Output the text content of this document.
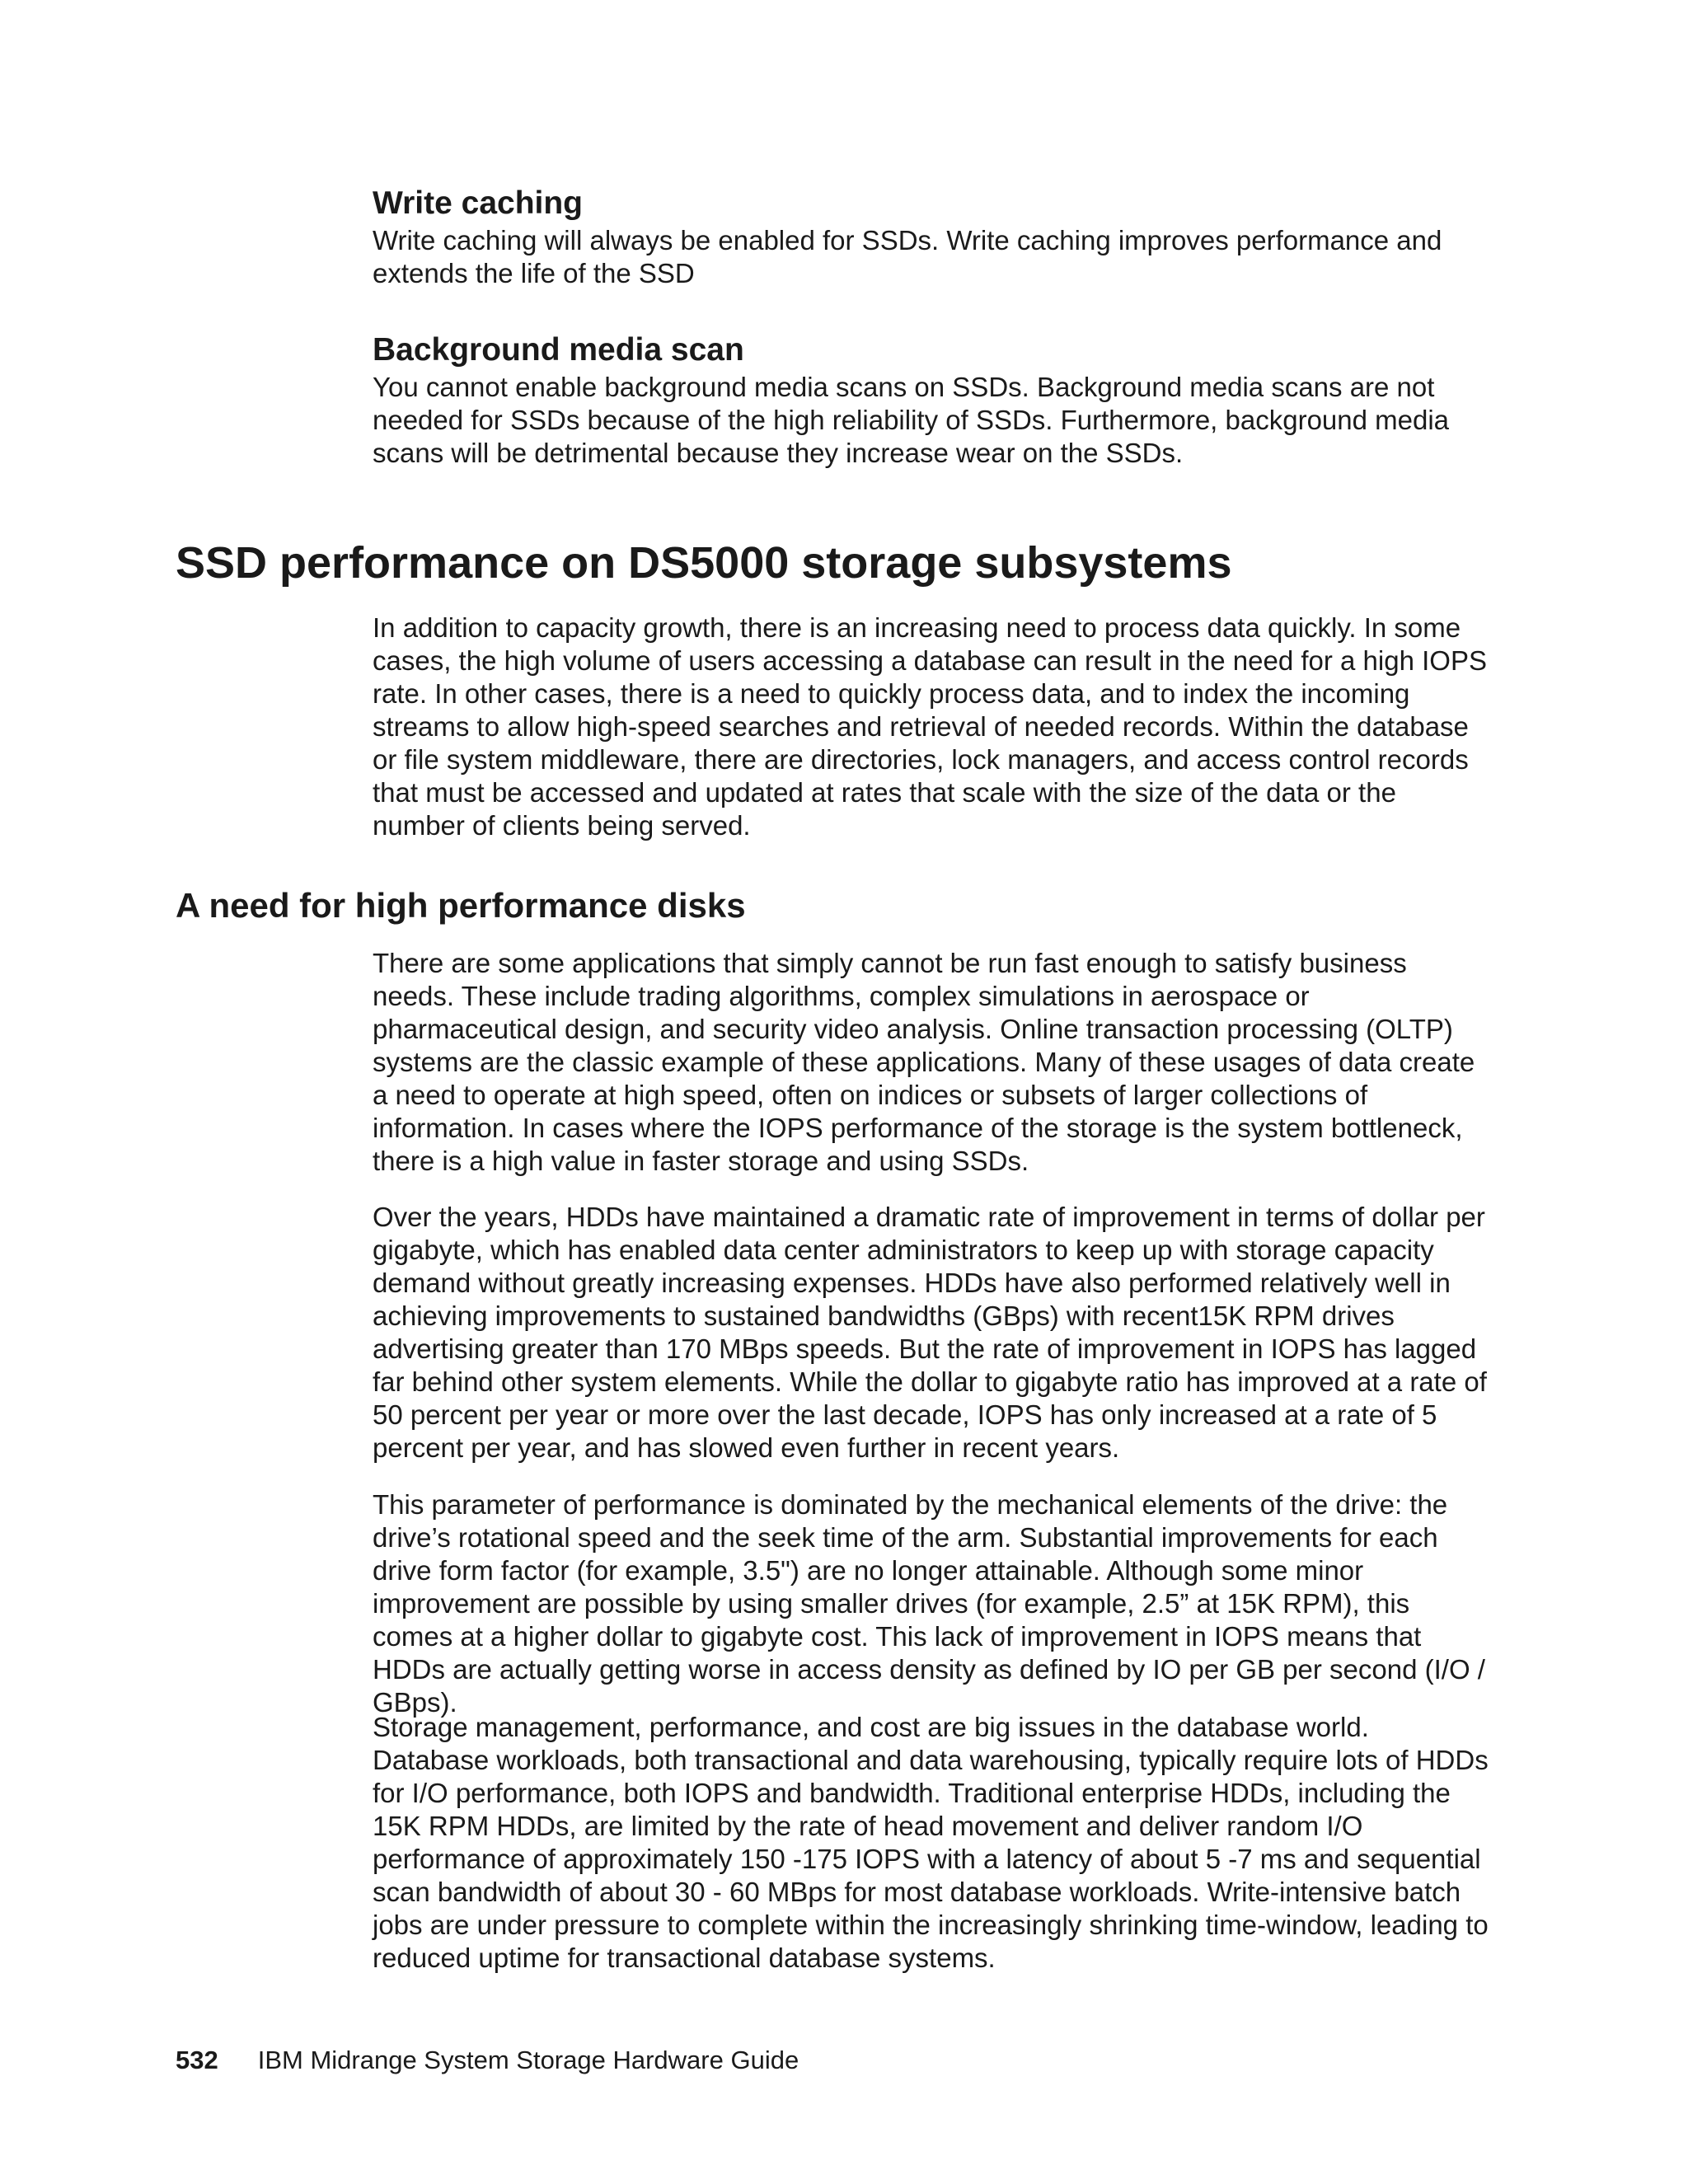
Write caching

Write caching will always be enabled for SSDs. Write caching improves performance and extends the life of the SSD

Background media scan

You cannot enable background media scans on SSDs. Background media scans are not needed for SSDs because of the high reliability of SSDs. Furthermore, background media scans will be detrimental because they increase wear on the SSDs.

SSD performance on DS5000 storage subsystems

In addition to capacity growth, there is an increasing need to process data quickly. In some cases, the high volume of users accessing a database can result in the need for a high IOPS rate. In other cases, there is a need to quickly process data, and to index the incoming streams to allow high-speed searches and retrieval of needed records. Within the database or file system middleware, there are directories, lock managers, and access control records that must be accessed and updated at rates that scale with the size of the data or the number of clients being served.

A need for high performance disks

There are some applications that simply cannot be run fast enough to satisfy business needs. These include trading algorithms, complex simulations in aerospace or pharmaceutical design, and security video analysis. Online transaction processing (OLTP) systems are the classic example of these applications. Many of these usages of data create a need to operate at high speed, often on indices or subsets of larger collections of information. In cases where the IOPS performance of the storage is the system bottleneck, there is a high value in faster storage and using SSDs.

Over the years, HDDs have maintained a dramatic rate of improvement in terms of dollar per gigabyte, which has enabled data center administrators to keep up with storage capacity demand without greatly increasing expenses. HDDs have also performed relatively well in achieving improvements to sustained bandwidths (GBps) with recent15K RPM drives advertising greater than 170 MBps speeds. But the rate of improvement in IOPS has lagged far behind other system elements. While the dollar to gigabyte ratio has improved at a rate of 50 percent per year or more over the last decade, IOPS has only increased at a rate of 5 percent per year, and has slowed even further in recent years.

This parameter of performance is dominated by the mechanical elements of the drive: the drive’s rotational speed and the seek time of the arm. Substantial improvements for each drive form factor (for example, 3.5") are no longer attainable. Although some minor improvement are possible by using smaller drives (for example, 2.5” at 15K RPM), this comes at a higher dollar to gigabyte cost. This lack of improvement in IOPS means that HDDs are actually getting worse in access density as defined by IO per GB per second (I/O / GBps).

Storage management, performance, and cost are big issues in the database world. Database workloads, both transactional and data warehousing, typically require lots of HDDs for I/O performance, both IOPS and bandwidth. Traditional enterprise HDDs, including the 15K RPM HDDs, are limited by the rate of head movement and deliver random I/O performance of approximately 150 -175 IOPS with a latency of about 5 -7 ms and sequential scan bandwidth of about 30 - 60 MBps for most database workloads. Write-intensive batch jobs are under pressure to complete within the increasingly shrinking time-window, leading to reduced uptime for transactional database systems.

532 IBM Midrange System Storage Hardware Guide
